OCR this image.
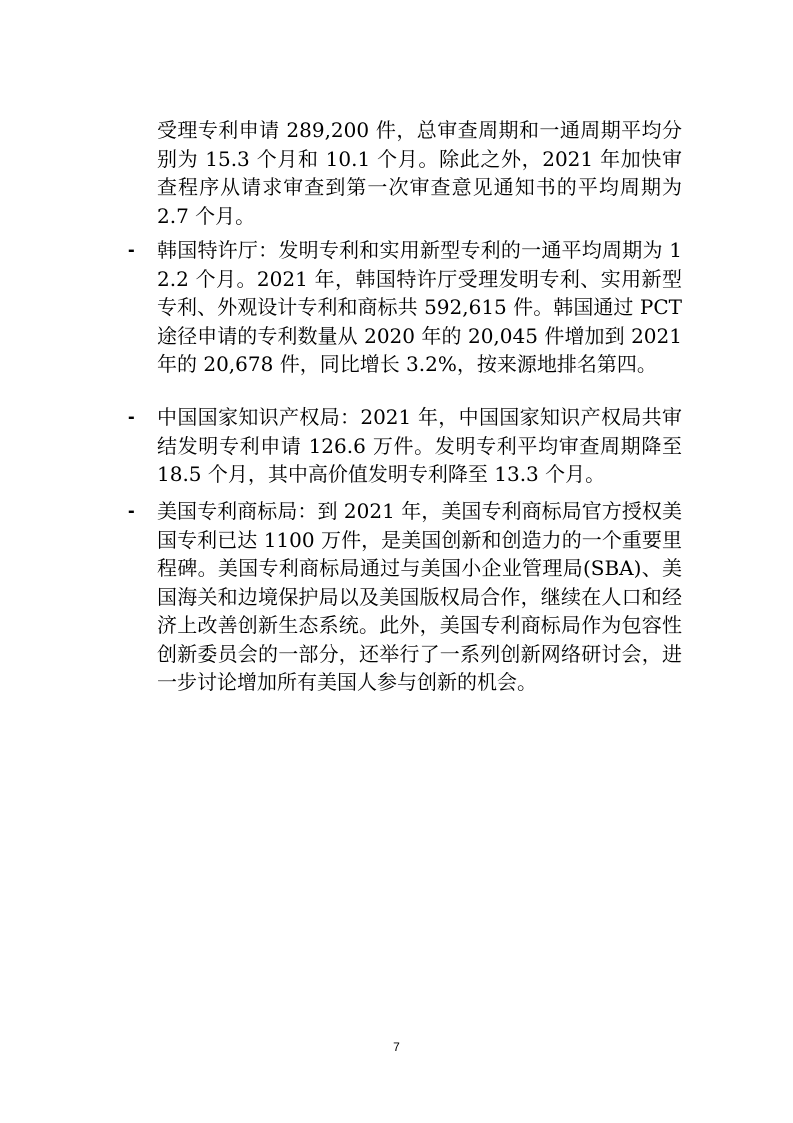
受理专利申请 289,200 件，总审查周期和一通周期平均分别为 15.3 个月和 10.1 个月。除此之外，2021 年加快审查程序从请求审查到第一次审查意见通知书的平均周期为 2.7 个月。

- 韩国特许厅：发明专利和实用新型专利的一通平均周期为 12.2 个月。2021 年，韩国特许厅受理发明专利、实用新型专利、外观设计专利和商标共 592,615 件。韩国通过 PCT 途径申请的专利数量从 2020 年的 20,045 件增加到 2021 年的 20,678 件，同比增长 3.2%，按来源地排名第四。

- 中国国家知识产权局：2021 年，中国国家知识产权局共审结发明专利申请 126.6 万件。发明专利平均审查周期降至 18.5 个月，其中高价值发明专利降至 13.3 个月。

- 美国专利商标局：到 2021 年，美国专利商标局官方授权美国专利已达 1100 万件，是美国创新和创造力的一个重要里程碑。美国专利商标局通过与美国小企业管理局(SBA)、美国海关和边境保护局以及美国版权局合作，继续在人口和经济上改善创新生态系统。此外，美国专利商标局作为包容性创新委员会的一部分，还举行了一系列创新网络研讨会，进一步讨论增加所有美国人参与创新的机会。

7
